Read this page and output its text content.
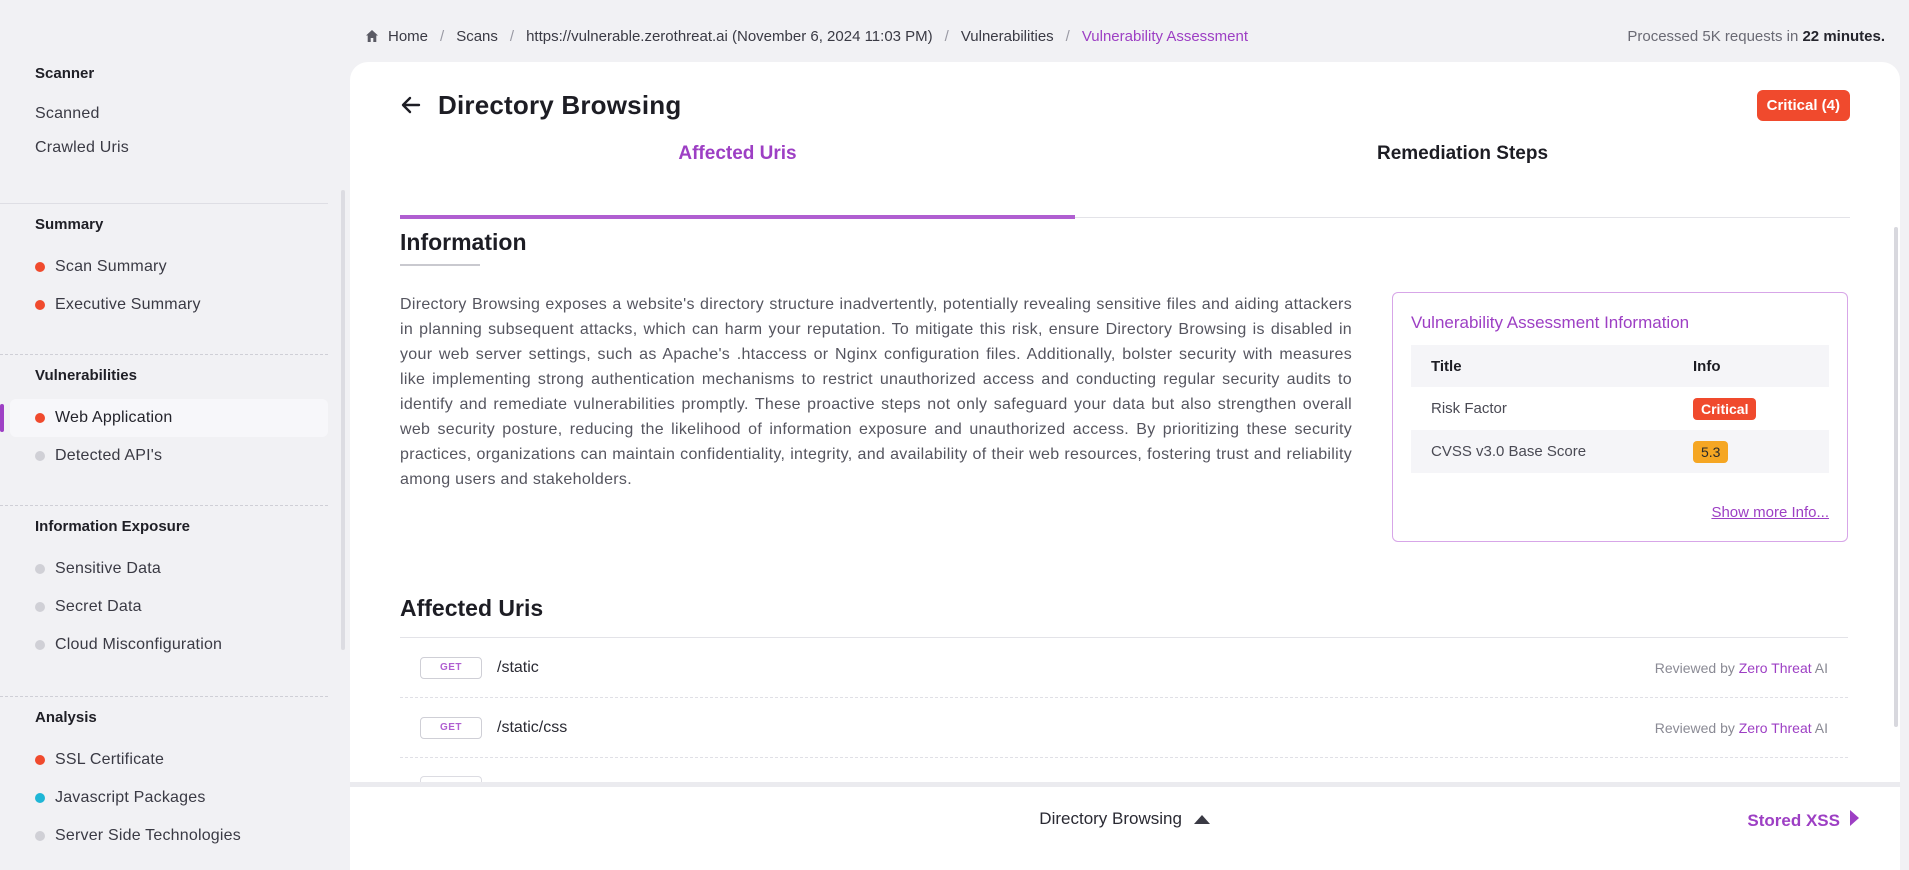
Scanner
Scanned
Crawled Uris
Summary
Scan Summary
Executive Summary
Vulnerabilities
Web Application
Detected API's
Information Exposure
Sensitive Data
Secret Data
Cloud Misconfiguration
Analysis
SSL Certificate
Javascript Packages
Server Side Technologies
Home / Scans / https://vulnerable.zerothreat.ai (November 6, 2024 11:03 PM) / Vulnerabilities / Vulnerability Assessment	Processed 5K requests in 22 minutes.
Directory Browsing	Critical (4)
Affected Uris	Remediation Steps
Information

Directory Browsing exposes a website's directory structure inadvertently, potentially revealing sensitive files and aiding attackers in planning subsequent attacks, which can harm your reputation. To mitigate this risk, ensure Directory Browsing is disabled in your web server settings, such as Apache's .htaccess or Nginx configuration files. Additionally, bolster security with measures like implementing strong authentication mechanisms to restrict unauthorized access and conducting regular security audits to identify and remediate vulnerabilities promptly. These proactive steps not only safeguard your data but also strengthen overall web security posture, reducing the likelihood of information exposure and unauthorized access. By prioritizing these security practices, organizations can maintain confidentiality, integrity, and availability of their web resources, fostering trust and reliability among users and stakeholders.

Vulnerability Assessment Information
Title	Info
Risk Factor	Critical
CVSS v3.0 Base Score	5.3
Show more Info...
Affected Uris
GET	/static	Reviewed by Zero Threat AI
GET	/static/css	Reviewed by Zero Threat AI
Directory Browsing	Stored XSS
